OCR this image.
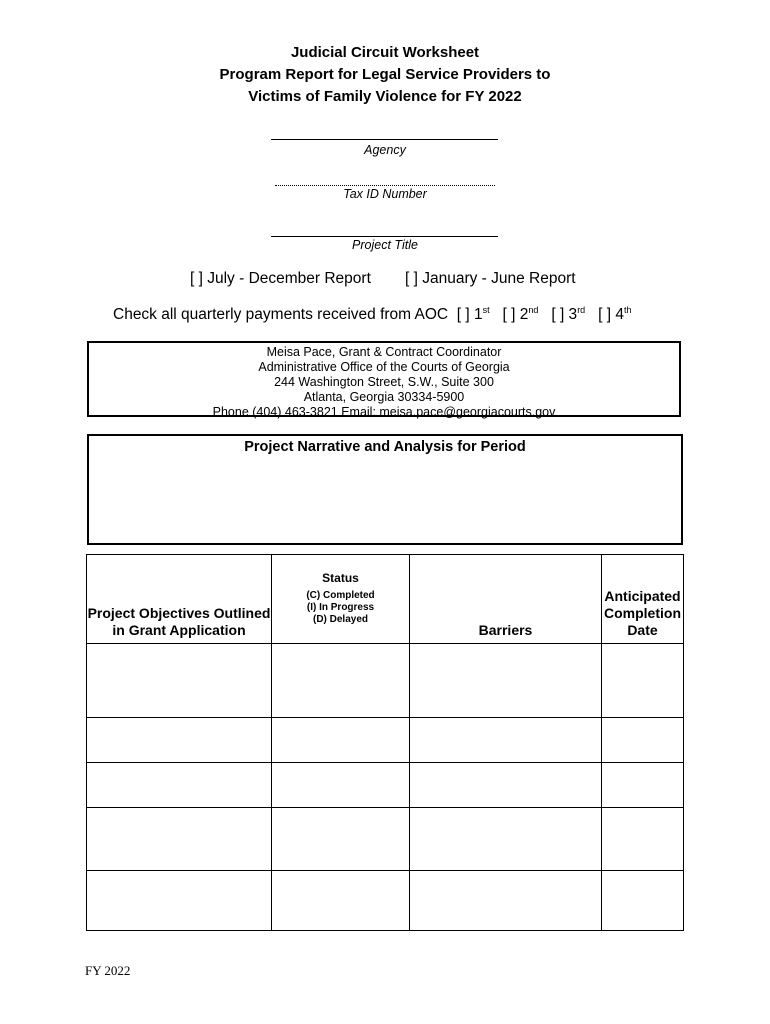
Judicial Circuit Worksheet
Program Report for Legal Service Providers to
Victims of Family Violence for FY 2022
Agency
Tax ID Number
Project Title
[ ] July - December Report [ ] January - June Report
Check all quarterly payments received from AOC [ ] 1st [ ] 2nd [ ] 3rd [ ] 4th
Meisa Pace, Grant & Contract Coordinator
Administrative Office of the Courts of Georgia
244 Washington Street, S.W., Suite 300
Atlanta, Georgia 30334-5900
Phone (404) 463-3821 Email: meisa.pace@georgiacourts.gov
Project Narrative and Analysis for Period
Project Objectives Outlined in Grant Application	Status
(C) Completed
(I) In Progress
(D) Delayed	Barriers	Anticipated Completion Date

FY 2022
